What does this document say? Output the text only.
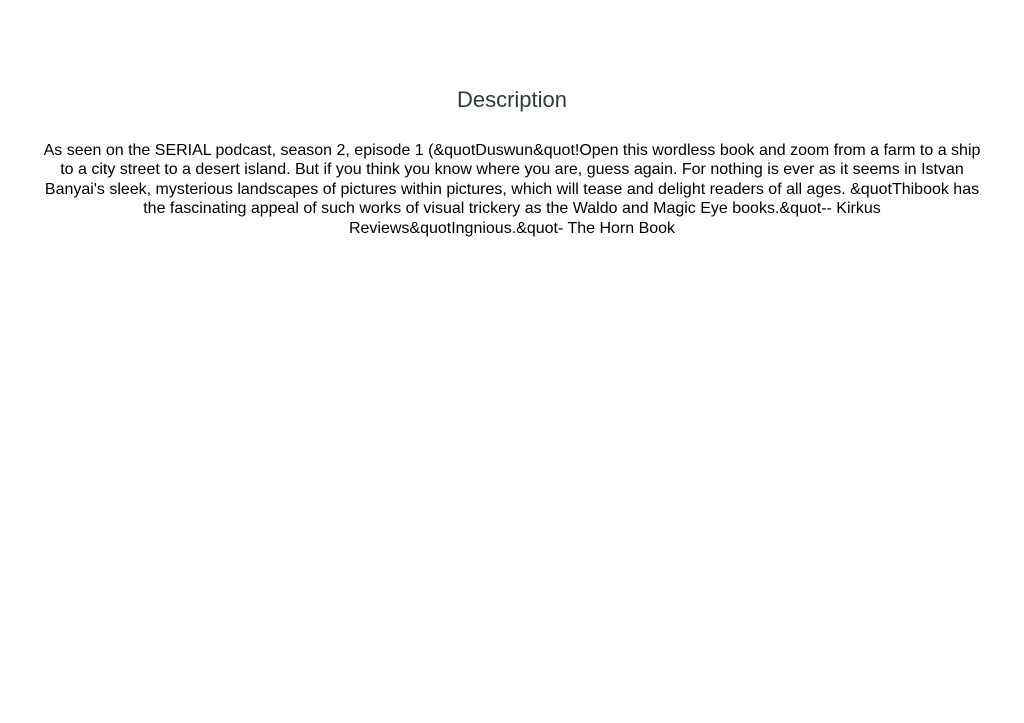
Description

As seen on the SERIAL podcast, season 2, episode 1 (&quotDuswun&quot!Open this wordless book and zoom from a farm to a ship to a city street to a desert island. But if you think you know where you are, guess again. For nothing is ever as it seems in Istvan Banyai's sleek, mysterious landscapes of pictures within pictures, which will tease and delight readers of all ages. &quotThibook has the fascinating appeal of such works of visual trickery as the Waldo and Magic Eye books.&quot-- Kirkus Reviews&quotIngnious.&quot- The Horn Book
